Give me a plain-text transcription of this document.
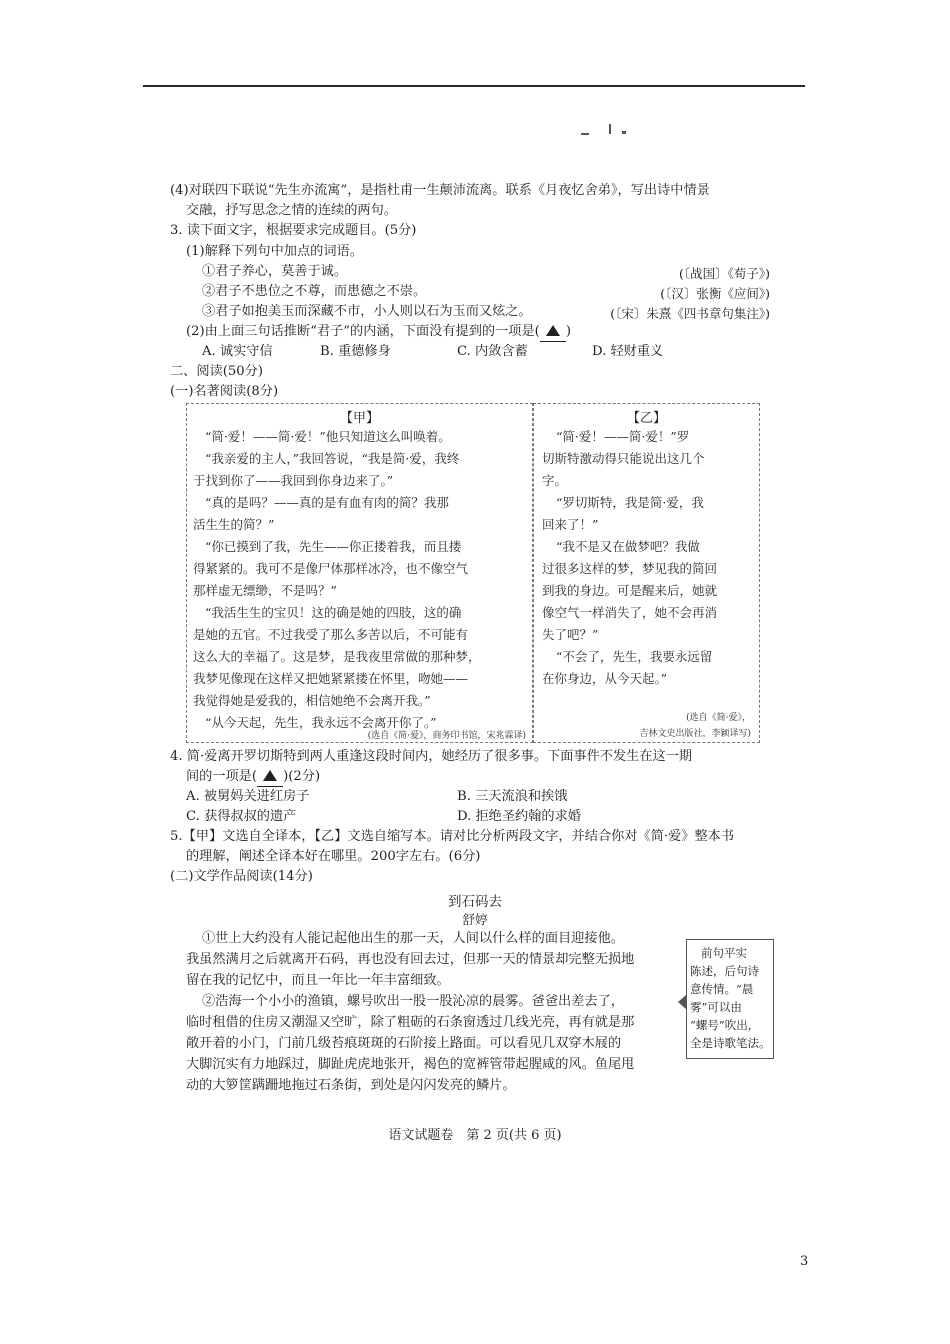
(4)对联四下联说“先生亦流寓”，是指杜甫一生颠沛流离。联系《月夜忆舍弟》，写出诗中情景
交融，抒写思念之情的连续的两句。
3. 读下面文字，根据要求完成题目。(5分)
(1)解释下列句中加点的词语。
①君子养心，莫善于诚。	(〔战国〕《荀子》)
②君子不患位之不尊，而患德之不崇。	(〔汉〕张衡《应间》)
③君子如抱美玉而深藏不市，小人则以石为玉而又炫之。	(〔宋〕朱熹《四书章句集注》)
(2)由上面三句话推断“君子”的内涵，下面没有提到的一项是( )
A. 诚实守信	B. 重德修身	C. 内敛含蓄	D. 轻财重义
二、阅读(50分)
(一)名著阅读(8分)
【甲】
“简·爱！——简·爱！”他只知道这么叫唤着。
“我亲爱的主人，”我回答说，“我是简·爱，我终
于找到你了——我回到你身边来了。”
“真的是吗？——真的是有血有肉的简？我那
活生生的简？”
“你已摸到了我，先生——你正搂着我，而且搂
得紧紧的。我可不是像尸体那样冰冷，也不像空气
那样虚无缥缈，不是吗？”
“我活生生的宝贝！这的确是她的四肢，这的确
是她的五官。不过我受了那么多苦以后，不可能有
这么大的幸福了。这是梦，是我夜里常做的那种梦，
我梦见像现在这样又把她紧紧搂在怀里，吻她——
我觉得她是爱我的，相信她绝不会离开我。”
“从今天起，先生，我永远不会离开你了。”
(选自《简·爱》，商务印书馆，宋兆霖译)
【乙】
“简·爱！——简·爱！”罗
切斯特激动得只能说出这几个
字。
“罗切斯特，我是简·爱，我
回来了！”
“我不是又在做梦吧？我做
过很多这样的梦，梦见我的简回
到我的身边。可是醒来后，她就
像空气一样消失了，她不会再消
失了吧？”
“不会了，先生，我要永远留
在你身边，从今天起。”
(选自《简·爱》，
吉林文史出版社，李颖译写)
4. 简·爱离开罗切斯特到两人重逢这段时间内，她经历了很多事。下面事件不发生在这一期
间的一项是( )(2分)
A. 被舅妈关进红房子	B. 三天流浪和挨饿
C. 获得叔叔的遗产	D. 拒绝圣约翰的求婚
5.【甲】文选自全译本，【乙】文选自缩写本。请对比分析两段文字，并结合你对《简·爱》整本书
的理解，阐述全译本好在哪里。200字左右。(6分)
(二)文学作品阅读(14分)
到石码去
舒婷
①世上大约没有人能记起他出生的那一天，人间以什么样的面目迎接他。
我虽然满月之后就离开石码，再也没有回去过，但那一天的情景却完整无损地
留在我的记忆中，而且一年比一年丰富细致。
②浩海一个小小的渔镇，螺号吹出一股一股沁凉的晨雾。爸爸出差去了，
临时租借的住房又潮湿又空旷，除了粗砺的石条窗透过几线光亮，再有就是那
敞开着的小门，门前几级苔痕斑斑的石阶接上路面。可以看见几双穿木屐的
大脚沉实有力地踩过，脚趾虎虎地张开，褐色的宽裤管带起腥咸的风。鱼尾甩
动的大箩筐蹒跚地拖过石条街，到处是闪闪发亮的鳞片。
前句平实
陈述，后句诗
意传情。“晨
雾”可以由
“螺号”吹出，
全是诗歌笔法。
语文试题卷　第 2 页(共 6 页)
3
